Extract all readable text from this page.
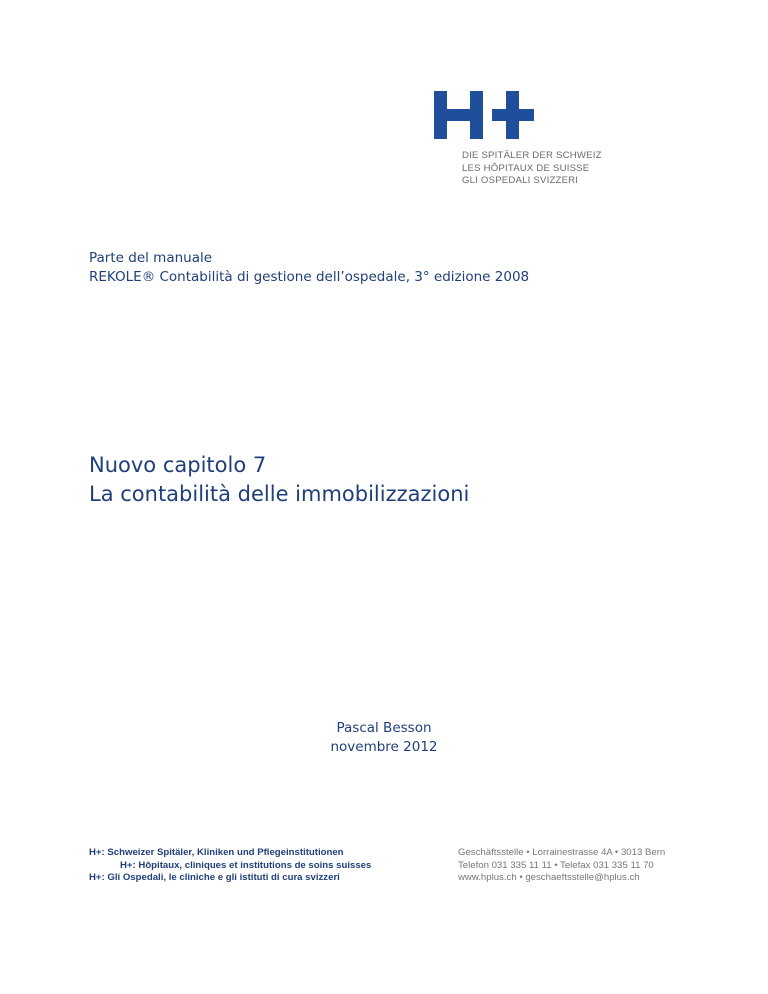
DIE SPITÄLER DER SCHWEIZ
LES HÔPITAUX DE SUISSE
GLI OSPEDALI SVIZZERI
Parte del manuale
REKOLE® Contabilità di gestione dell’ospedale, 3° edizione 2008
Nuovo capitolo 7
La contabilità delle immobilizzazioni
Pascal Besson
novembre 2012
H+: Schweizer Spitäler, Kliniken und Pflegeinstitutionen
H+: Hôpitaux, cliniques et institutions de soins suisses
H+: Gli Ospedali, le cliniche e gli istituti di cura svizzeri
Geschäftsstelle • Lorrainestrasse 4A • 3013 Bern
Telefon 031 335 11 11 • Telefax 031 335 11 70
www.hplus.ch • geschaeftsstelle@hplus.ch
